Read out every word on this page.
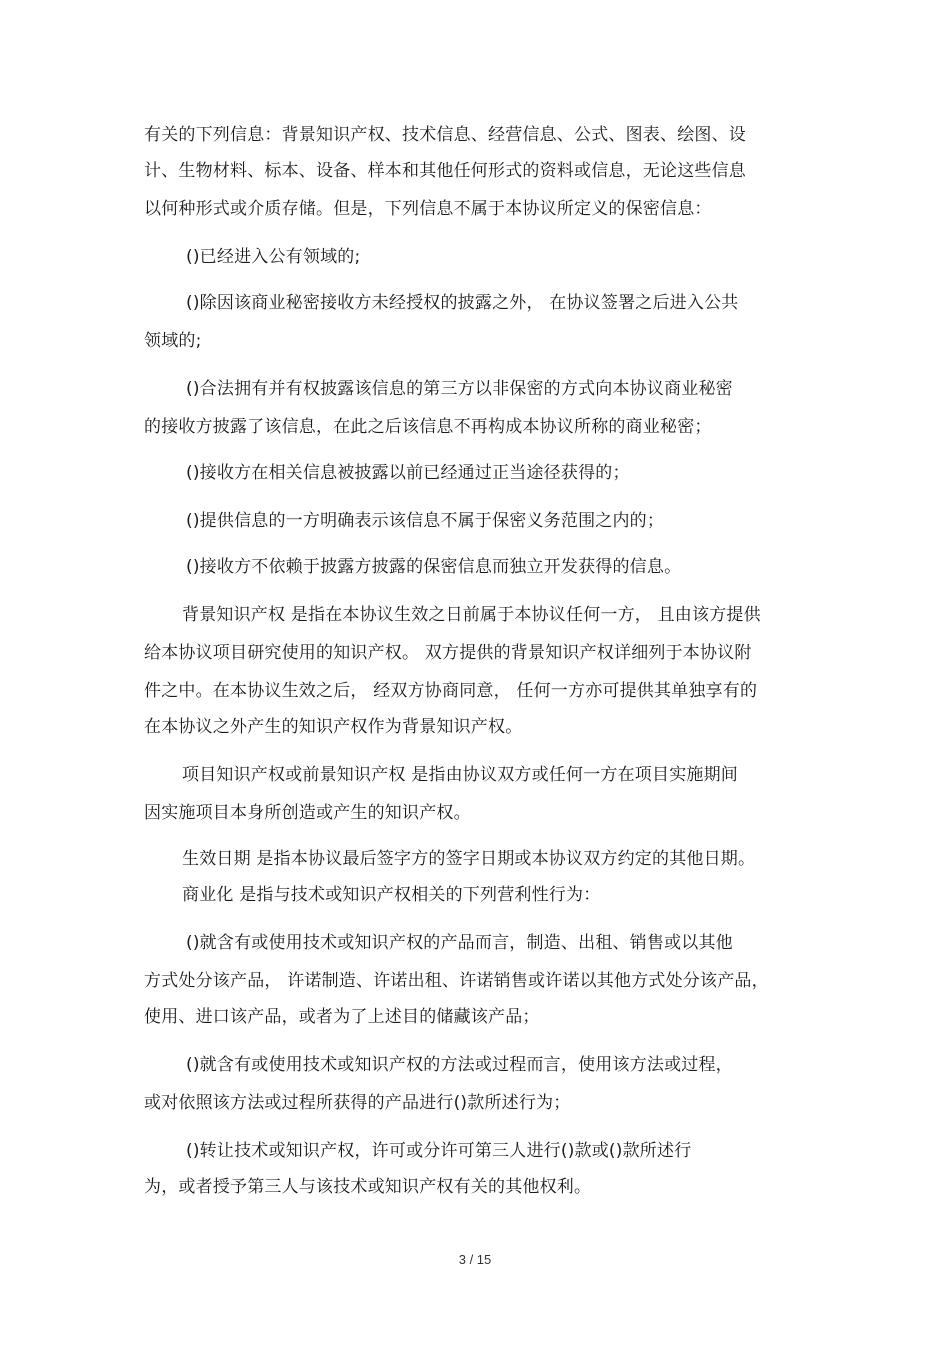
有关的下列信息：背景知识产权、技术信息、经营信息、公式、图表、绘图、设
计、生物材料、标本、设备、样本和其他任何形式的资料或信息，无论这些信息
以何种形式或介质存储。但是，下列信息不属于本协议所定义的保密信息：
()已经进入公有领域的;
()除因该商业秘密接收方未经授权的披露之外， 在协议签署之后进入公共
领域的;
()合法拥有并有权披露该信息的第三方以非保密的方式向本协议商业秘密
的接收方披露了该信息，在此之后该信息不再构成本协议所称的商业秘密；
()接收方在相关信息被披露以前已经通过正当途径获得的；
()提供信息的一方明确表示该信息不属于保密义务范围之内的；
()接收方不依赖于披露方披露的保密信息而独立开发获得的信息。
背景知识产权 是指在本协议生效之日前属于本协议任何一方， 且由该方提供
给本协议项目研究使用的知识产权。 双方提供的背景知识产权详细列于本协议附
件之中。在本协议生效之后， 经双方协商同意， 任何一方亦可提供其单独享有的
在本协议之外产生的知识产权作为背景知识产权。
项目知识产权或前景知识产权 是指由协议双方或任何一方在项目实施期间
因实施项目本身所创造或产生的知识产权。
生效日期 是指本协议最后签字方的签字日期或本协议双方约定的其他日期。
商业化 是指与技术或知识产权相关的下列营利性行为：
()就含有或使用技术或知识产权的产品而言，制造、出租、销售或以其他
方式处分该产品， 许诺制造、许诺出租、许诺销售或许诺以其他方式处分该产品，
使用、进口该产品，或者为了上述目的储藏该产品；
()就含有或使用技术或知识产权的方法或过程而言，使用该方法或过程，
或对依照该方法或过程所获得的产品进行()款所述行为；
()转让技术或知识产权，许可或分许可第三人进行()款或()款所述行
为，或者授予第三人与该技术或知识产权有关的其他权利。
3 / 15
